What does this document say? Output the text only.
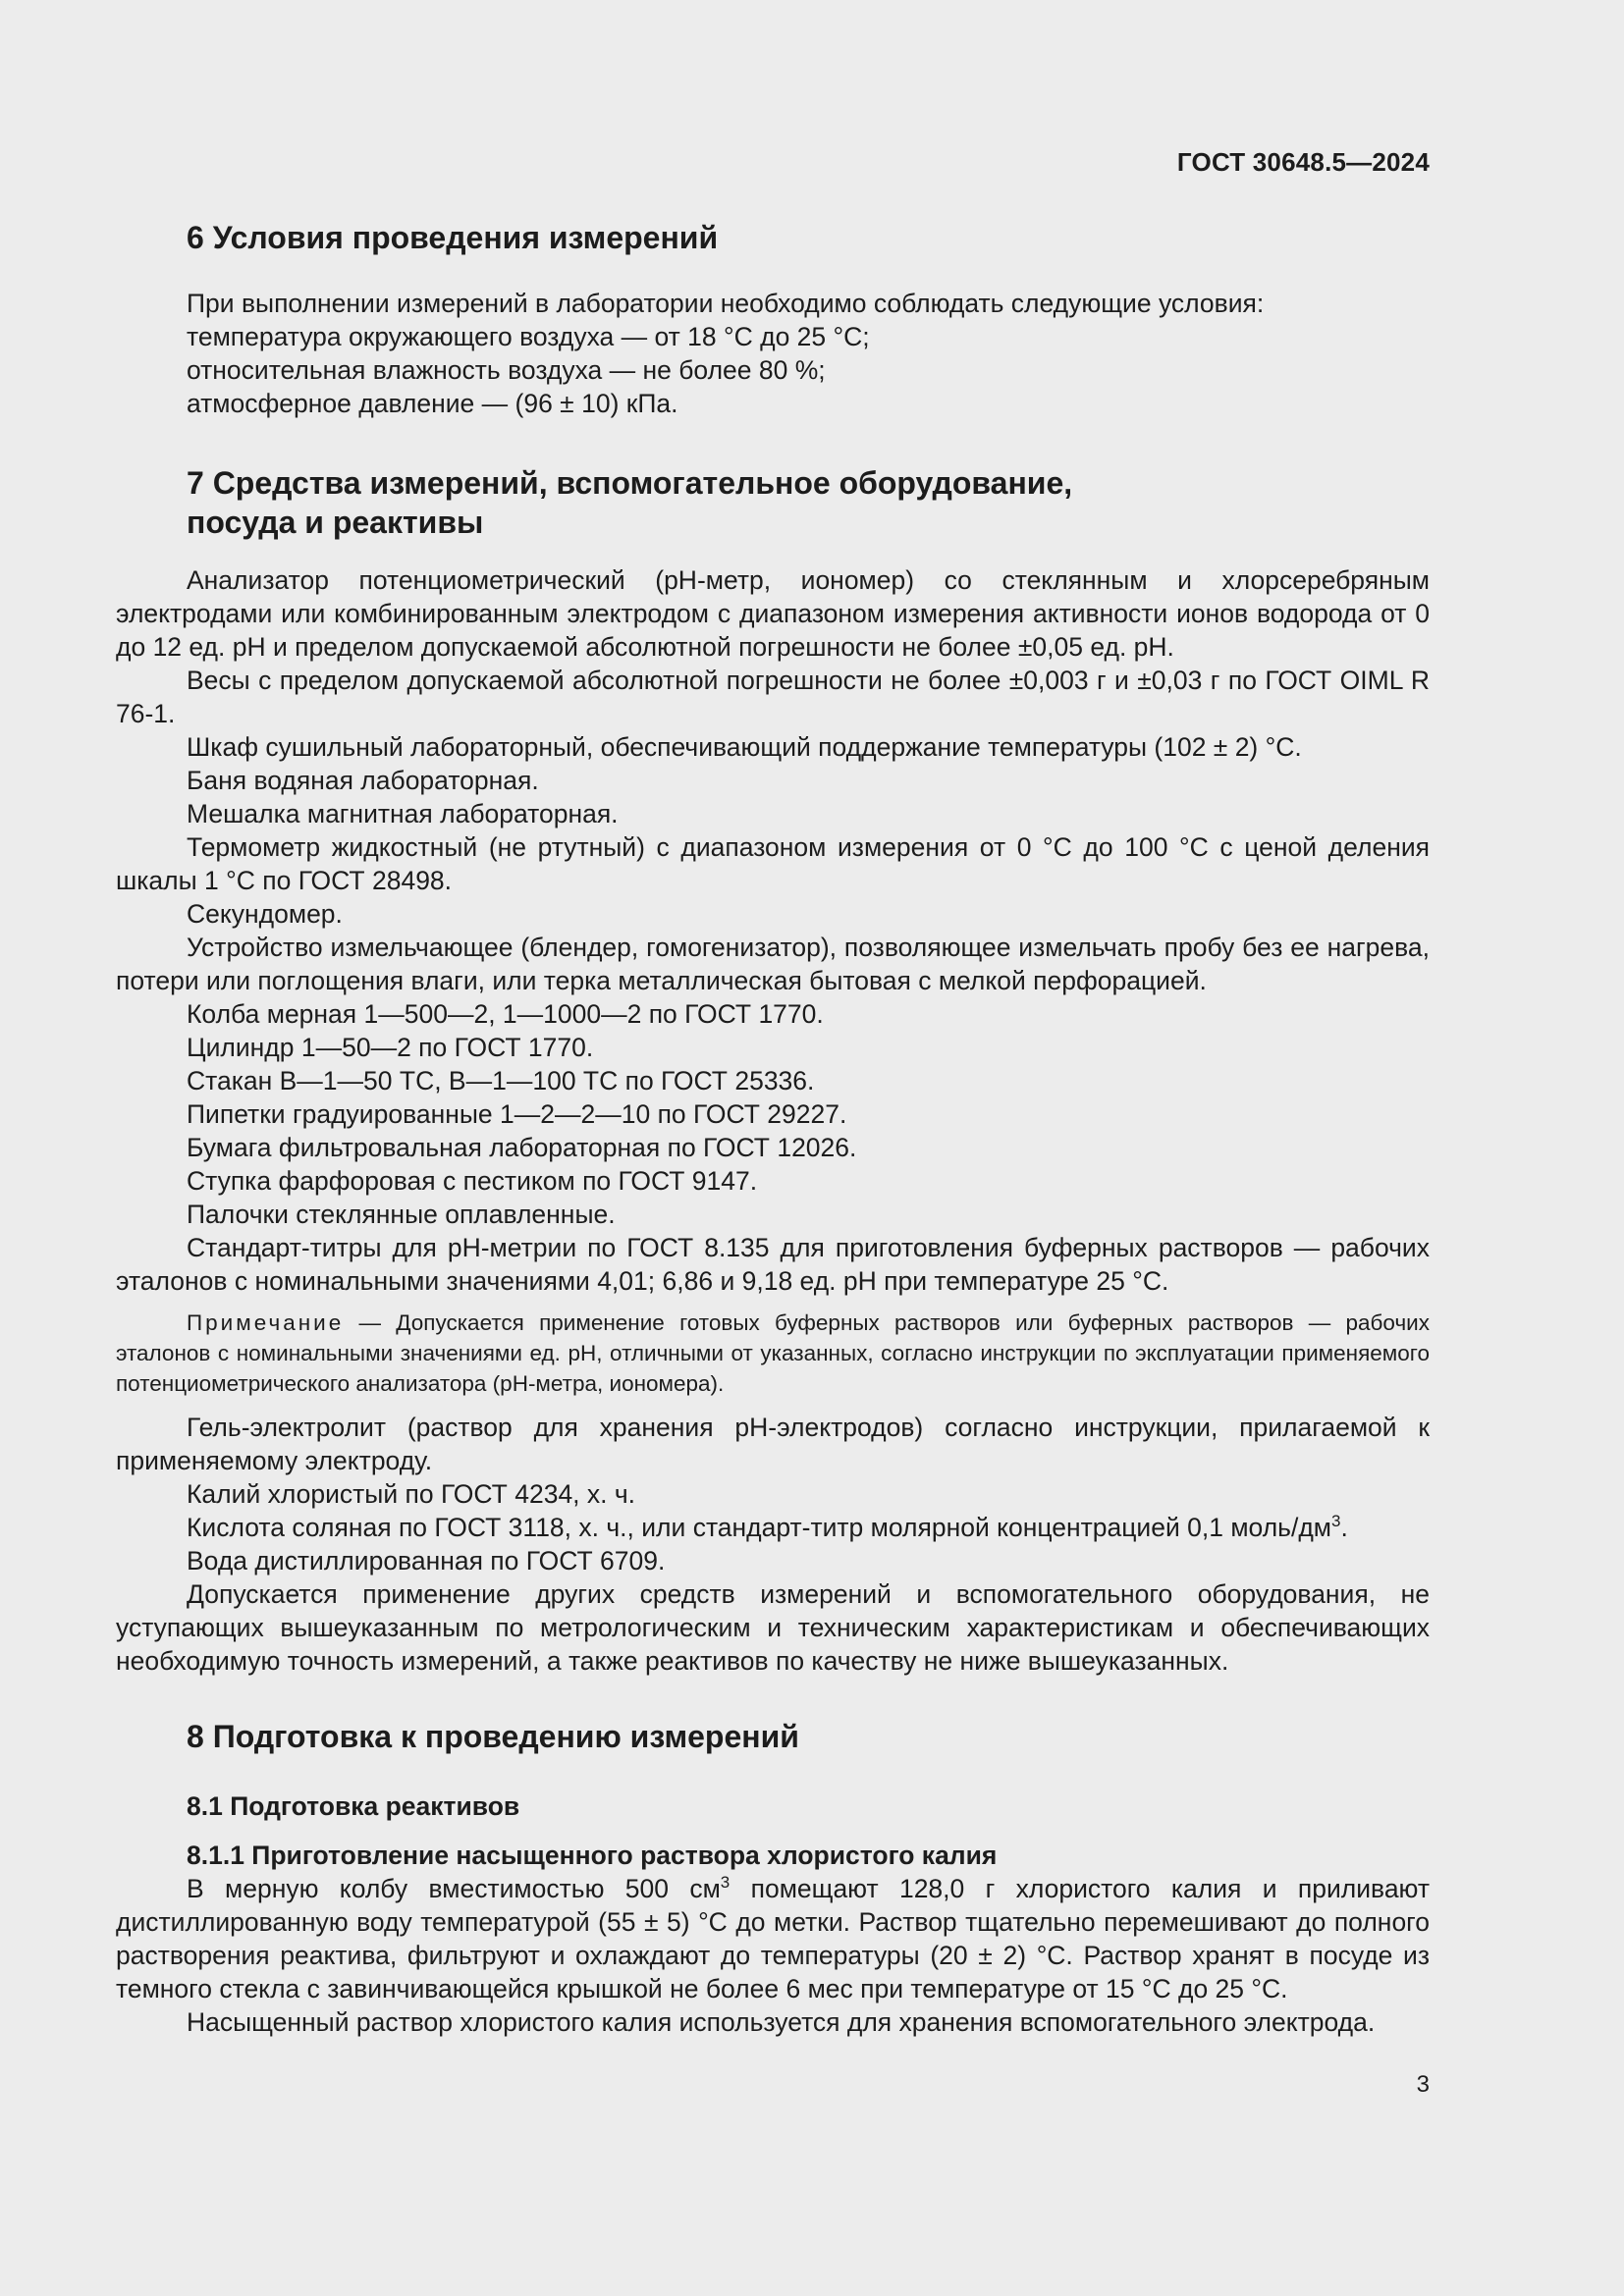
ГОСТ 30648.5—2024
6 Условия проведения измерений

При выполнении измерений в лаборатории необходимо соблюдать следующие условия:

температура окружающего воздуха — от 18 °С до 25 °С;

относительная влажность воздуха — не более 80 %;

атмосферное давление — (96 ± 10) кПа.

7 Средства измерений, вспомогательное оборудование,
посуда и реактивы

Анализатор потенциометрический (рН-метр, иономер) со стеклянным и хлорсеребряным электродами или комбинированным электродом с диапазоном измерения активности ионов водорода от 0 до 12 ед. рН и пределом допускаемой абсолютной погрешности не более ±0,05 ед. рН.

Весы с пределом допускаемой абсолютной погрешности не более ±0,003 г и ±0,03 г по ГОСТ OIML R 76-1.

Шкаф сушильный лабораторный, обеспечивающий поддержание температуры (102 ± 2) °С.

Баня водяная лабораторная.

Мешалка магнитная лабораторная.

Термометр жидкостный (не ртутный) с диапазоном измерения от 0 °С до 100 °С с ценой деления шкалы 1 °С по ГОСТ 28498.

Секундомер.

Устройство измельчающее (блендер, гомогенизатор), позволяющее измельчать пробу без ее нагрева, потери или поглощения влаги, или терка металлическая бытовая с мелкой перфорацией.

Колба мерная 1—500—2, 1—1000—2 по ГОСТ 1770.

Цилиндр 1—50—2 по ГОСТ 1770.

Стакан В—1—50 ТС, В—1—100 ТС по ГОСТ 25336.

Пипетки градуированные 1—2—2—10 по ГОСТ 29227.

Бумага фильтровальная лабораторная по ГОСТ 12026.

Ступка фарфоровая с пестиком по ГОСТ 9147.

Палочки стеклянные оплавленные.

Стандарт-титры для рН-метрии по ГОСТ 8.135 для приготовления буферных растворов — рабочих эталонов с номинальными значениями 4,01; 6,86 и 9,18 ед. рН при температуре 25 °С.

Примечание — Допускается применение готовых буферных растворов или буферных растворов — рабочих эталонов с номинальными значениями ед. рН, отличными от указанных, согласно инструкции по эксплуатации применяемого потенциометрического анализатора (рН-метра, иономера).

Гель-электролит (раствор для хранения рН-электродов) согласно инструкции, прилагаемой к применяемому электроду.

Калий хлористый по ГОСТ 4234, х. ч.

Кислота соляная по ГОСТ 3118, х. ч., или стандарт-титр молярной концентрацией 0,1 моль/$дм^3$.

Вода дистиллированная по ГОСТ 6709.

Допускается применение других средств измерений и вспомогательного оборудования, не уступающих вышеуказанным по метрологическим и техническим характеристикам и обеспечивающих необходимую точность измерений, а также реактивов по качеству не ниже вышеуказанных.

8 Подготовка к проведению измерений
8.1 Подготовка реактивов
8.1.1 Приготовление насыщенного раствора хлористого калия

В мерную колбу вместимостью 500 $см^3$ помещают 128,0 г хлористого калия и приливают дистиллированную воду температурой (55 ± 5) °С до метки. Раствор тщательно перемешивают до полного растворения реактива, фильтруют и охлаждают до температуры (20 ± 2) °С. Раствор хранят в посуде из темного стекла с завинчивающейся крышкой не более 6 мес при температуре от 15 °С до 25 °С.

Насыщенный раствор хлористого калия используется для хранения вспомогательного электрода.

3
